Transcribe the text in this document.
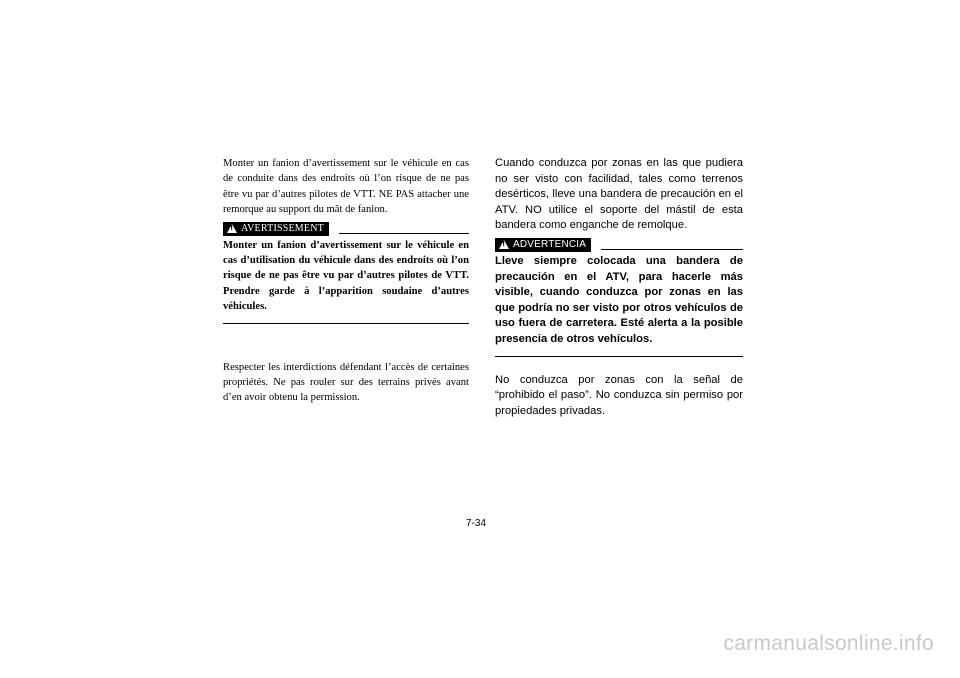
Monter un fanion d’avertissement sur le véhicule en cas de conduite dans des endroits où l’on risque de ne pas être vu par d’autres pilotes de VTT. NE PAS attacher une remorque au support du mât de fanion.

!
AVERTISSEMENT

Monter un fanion d’avertissement sur le véhicule en cas d’utilisation du véhicule dans des endroits où l’on risque de ne pas être vu par d’autres pilotes de VTT. Prendre garde à l’apparition soudaine d’autres véhicules.

Respecter les interdictions défendant l’accès de certaines propriétés. Ne pas rouler sur des terrains privés avant d’en avoir obtenu la permission.

Cuando conduzca por zonas en las que pudiera no ser visto con facilidad, tales como terrenos desérticos, lleve una bandera de precaución en el ATV. NO utilice el soporte del mástil de esta bandera como enganche de remolque.

!
ADVERTENCIA

Lleve siempre colocada una bandera de precaución en el ATV, para hacerle más visible, cuando conduzca por zonas en las que podría no ser visto por otros vehículos de uso fuera de carretera. Esté alerta a la posible presencia de otros vehículos.

No conduzca por zonas con la señal de “prohibido el paso”. No conduzca sin permiso por propiedades privadas.

7-34
carmanualsonline.info
